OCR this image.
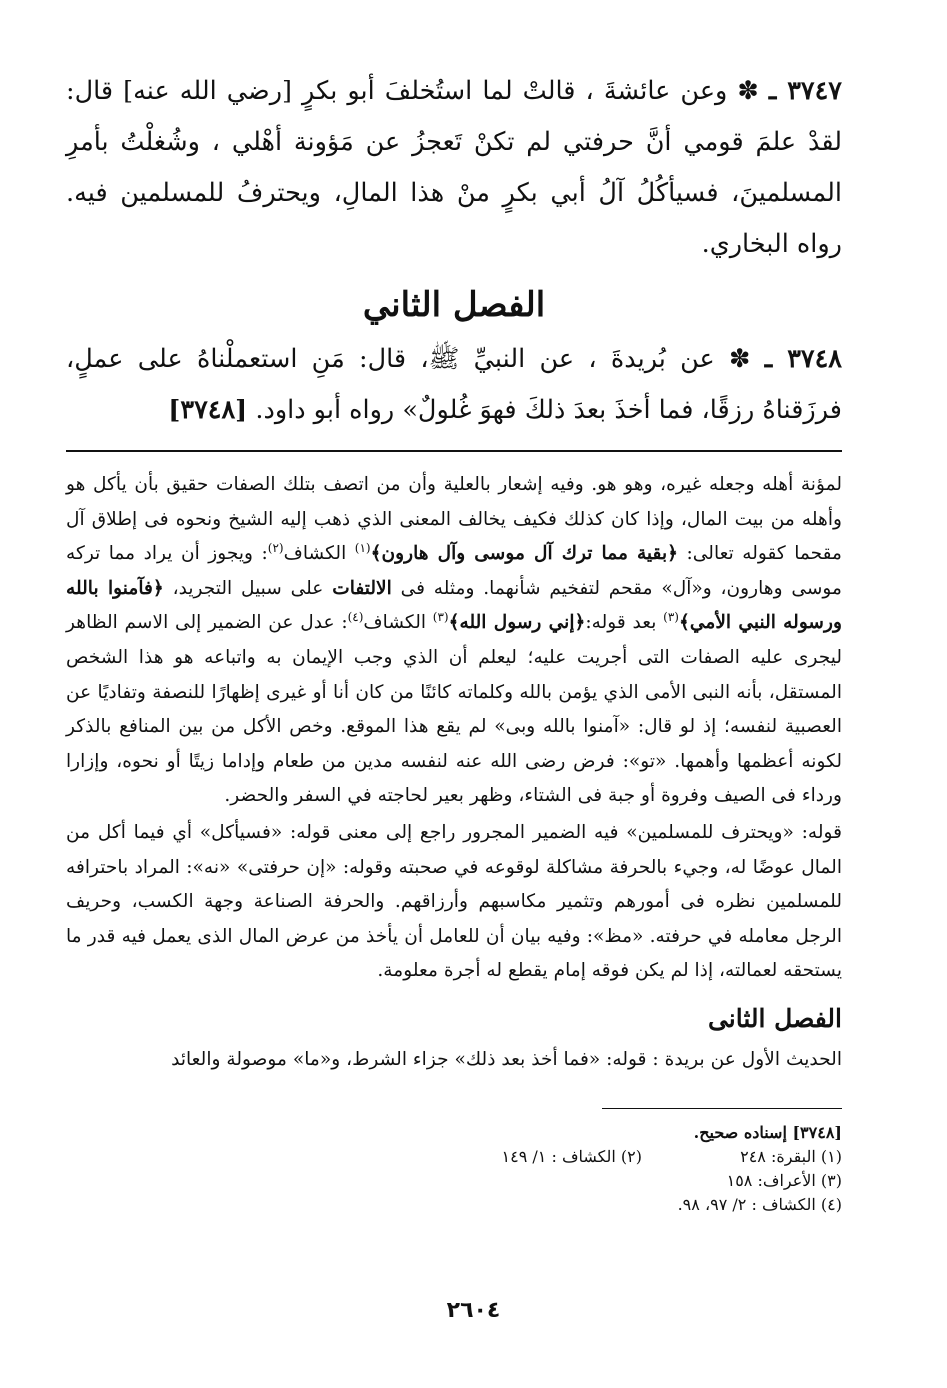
٣٧٤٧ ـ ✽ وعن عائشةَ ، قالتْ لما استُخلفَ أبو بكرٍ [رضي الله عنه] قال: لقدْ علمَ قومي أنَّ حرفتي لم تكنْ تَعجزُ عن مَؤونة أهْلي ، وشُغلْتُ بأمرِ المسلمينَ، فسيأكُلُ آلُ أبي بكرٍ منْ هذا المالِ، ويحترفُ للمسلمين فيه. رواه البخاري.

الفصل الثاني

٣٧٤٨ ـ ✽ عن بُريدةَ ، عن النبيِّ ﷺ، قال: مَنِ استعملْناهُ على عملٍ، فرزَقناهُ رزقًا، فما أخذَ بعدَ ذلكَ فهوَ غُلولٌ» رواه أبو داود. [٣٧٤٨]

لمؤنة أهله وجعله غيره، وهو هو. وفيه إشعار بالعلية وأن من اتصف بتلك الصفات حقيق بأن يأكل هو وأهله من بيت المال، وإذا كان كذلك فكيف يخالف المعنى الذي ذهب إليه الشيخ ونحوه فى إطلاق آل مقحما كقوله تعالى: ﴿بقية مما ترك آل موسى وآل هارون﴾$^{(١)}$ الكشاف$^{(٢)}$: ويجوز أن يراد مما تركه موسى وهارون، و«آل» مقحم لتفخيم شأنهما. ومثله فى الالتفات على سبيل التجريد، ﴿فآمنوا بالله ورسوله النبي الأمي﴾$^{(٣)}$ بعد قوله:﴿إني رسول الله﴾$^{(٣)}$ الكشاف$^{(٤)}$: عدل عن الضمير إلى الاسم الظاهر ليجرى عليه الصفات التى أجريت عليه؛ ليعلم أن الذي وجب الإيمان به واتباعه هو هذا الشخص المستقل، بأنه النبى الأمى الذي يؤمن بالله وكلماته كائنًا من كان أنا أو غيرى إظهارًا للنصفة وتفاديًا عن العصبية لنفسه؛ إذ لو قال: «آمنوا بالله وبى» لم يقع هذا الموقع. وخص الأكل من بين المنافع بالذكر لكونه أعظمها وأهمها. «تو»: فرض رضى الله عنه لنفسه مدين من طعام وإداما زيتًا أو نحوه، وإزارا ورداء فى الصيف وفروة أو جبة فى الشتاء، وظهر بعير لحاجته في السفر والحضر.

قوله: «ويحترف للمسلمين» فيه الضمير المجرور راجع إلى معنى قوله: «فسيأكل» أي فيما أكل من المال عوضًا له، وجيء بالحرفة مشاكلة لوقوعه في صحبته وقوله: «إن حرفتى» «نه»: المراد باحترافه للمسلمين نظره فى أمورهم وتثمير مكاسبهم وأرزاقهم. والحرفة الصناعة وجهة الكسب، وحريف الرجل معامله في حرفته. «مظ»: وفيه بيان أن للعامل أن يأخذ من عرض المال الذى يعمل فيه قدر ما يستحقه لعمالته، إذا لم يكن فوقه إمام يقطع له أجرة معلومة.

الفصل الثانى

الحديث الأول عن بريدة : قوله: «فما أخذ بعد ذلك» جزاء الشرط، و«ما» موصولة والعائد

[٣٧٤٨] إسناده صحيح.
(١) البقرة: ٢٤٨
(٢) الكشاف : ١/ ١٤٩
(٣) الأعراف: ١٥٨
(٤) الكشاف : ٢/ ٩٧، ٩٨.
٢٦٠٤
